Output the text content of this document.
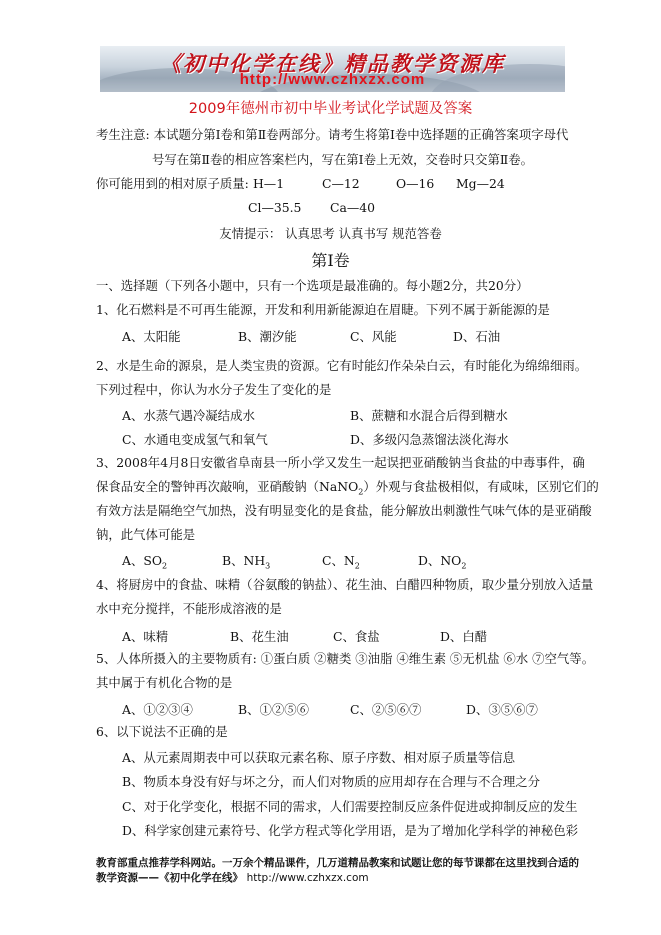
《初中化学在线》精品教学资源库
http://www.czhxzx.com
2009年德州市初中毕业考试化学试题及答案
考生注意: 本试题分第Ⅰ卷和第Ⅱ卷两部分。请考生将第Ⅰ卷中选择题的正确答案项字母代
号写在第Ⅱ卷的相应答案栏内，写在第Ⅰ卷上无效，交卷时只交第Ⅱ卷。
你可能用到的相对原子质量: H—1	C—12	O—16 Mg—24
Cl—35.5 Ca—40
友情提示： 认真思考 认真书写 规范答卷
第Ⅰ卷
一、选择题（下列各小题中，只有一个选项是最准确的。每小题2分，共20分）
1、化石燃料是不可再生能源，开发和利用新能源迫在眉睫。下列不属于新能源的是
A、太阳能	B、潮汐能	C、风能	D、石油
2、水是生命的源泉，是人类宝贵的资源。它有时能幻作朵朵白云，有时能化为绵绵细雨。
下列过程中，你认为水分子发生了变化的是
A、水蒸气遇冷凝结成水	B、蔗糖和水混合后得到糖水
C、水通电变成氢气和氧气	D、多级闪急蒸馏法淡化海水
3、2008年4月8日安徽省阜南县一所小学又发生一起误把亚硝酸钠当食盐的中毒事件，确
保食品安全的警钟再次敲响，亚硝酸钠（NaNO$_2$）外观与食盐极相似，有咸味，区别它们的
有效方法是隔绝空气加热，没有明显变化的是食盐，能分解放出刺激性气味气体的是亚硝酸
钠，此气体可能是
A、$SO_2$	B、$NH_3$	C、$N_2$	D、$NO_2$
4、将厨房中的食盐、味精（谷氨酸的钠盐）、花生油、白醋四种物质，取少量分别放入适量
水中充分搅拌，不能形成溶液的是
A、味精	B、花生油	C、食盐	D、白醋
5、人体所摄入的主要物质有: ①蛋白质 ②糖类 ③油脂 ④维生素 ⑤无机盐 ⑥水 ⑦空气等。
其中属于有机化合物的是
A、①②③④	B、①②⑤⑥	C、②⑤⑥⑦	D、③⑤⑥⑦
6、以下说法不正确的是
A、从元素周期表中可以获取元素名称、原子序数、相对原子质量等信息
B、物质本身没有好与坏之分，而人们对物质的应用却存在合理与不合理之分
C、对于化学变化，根据不同的需求，人们需要控制反应条件促进或抑制反应的发生
D、科学家创建元素符号、化学方程式等化学用语，是为了增加化学科学的神秘色彩
教育部重点推荐学科网站。一万余个精品课件，几万道精品教案和试题让您的每节课都在这里找到合适的
教学资源——《初中化学在线》 http://www.czhxzx.com
